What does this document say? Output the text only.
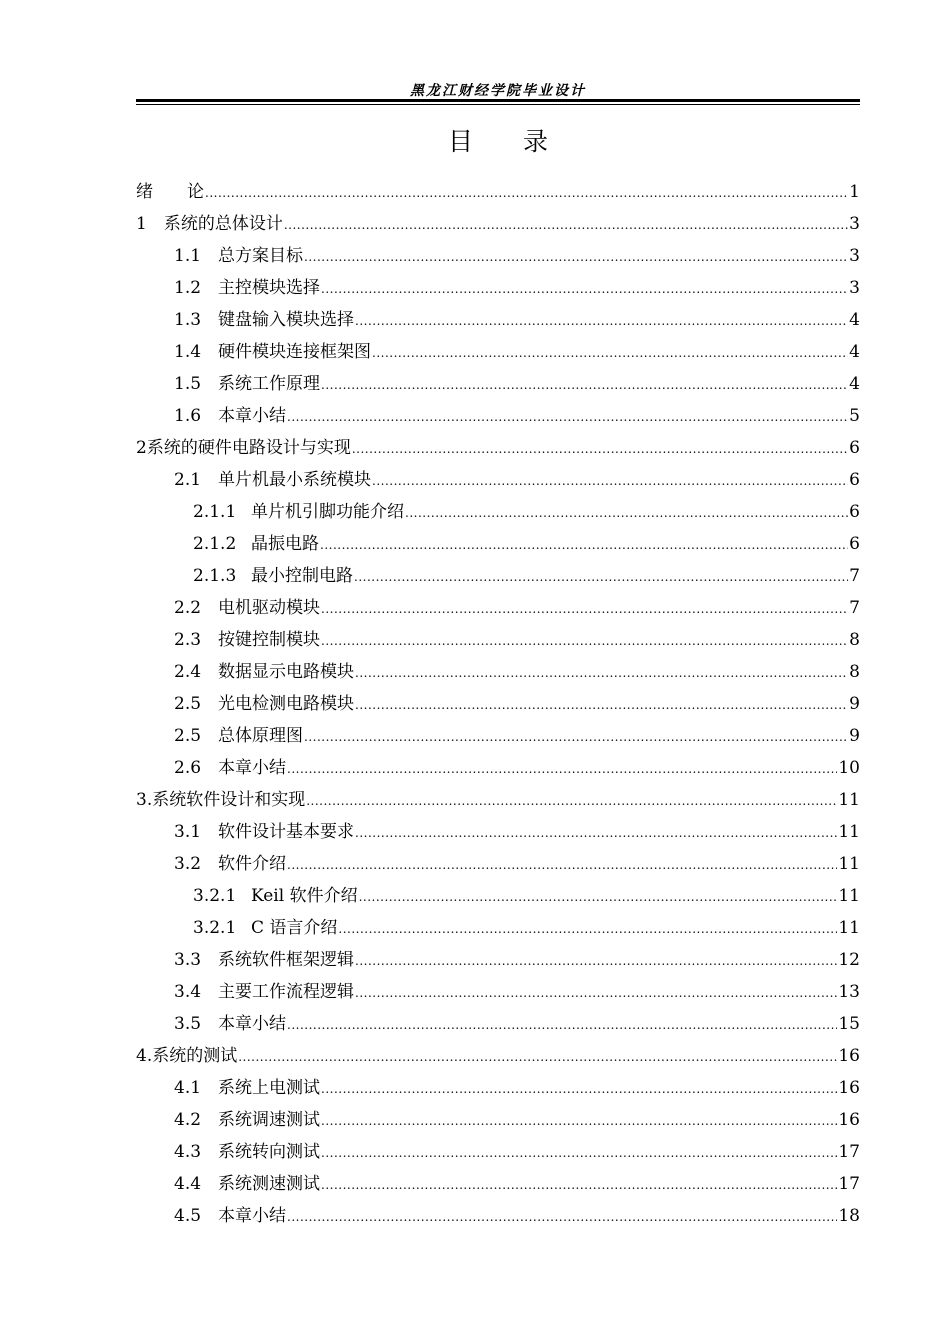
黑龙江财经学院毕业设计
目　　录
绪　　论 .....	1
1　 系统的总体设计 .....	3
1.1 总方案目标 .....	3
1.2 主控模块选择 .....	3
1.3 键盘输入模块选择 .....	4
1.4 硬件模块连接框架图 .....	4
1.5 系统工作原理 .....	4
1.6 本章小结 .....	5
2 系统的硬件电路设计与实现 .....	6
2.1 单片机最小系统模块 .....	6
2.1.1 单片机引脚功能介绍 .....	6
2.1.2 晶振电路 .....	6
2.1.3 最小控制电路 .....	7
2.2 电机驱动模块 .....	7
2.3 按键控制模块 .....	8
2.4 数据显示电路模块 .....	8
2.5 光电检测电路模块 .....	9
2.5 总体原理图 .....	9
2.6 本章小结 .....	10
3. 系统软件设计和实现 .....	11
3.1 软件设计基本要求 .....	11
3.2 软件介绍 .....	11
3.2.1 Keil 软件介绍 .....	11
3.2.1 C 语言介绍 .....	11
3.3 系统软件框架逻辑 .....	12
3.4 主要工作流程逻辑 .....	13
3.5 本章小结 .....	15
4. 系统的测试 .....	16
4.1 系统上电测试 .....	16
4.2 系统调速测试 .....	16
4.3 系统转向测试 .....	17
4.4 系统测速测试 .....	17
4.5 本章小结 .....	18
